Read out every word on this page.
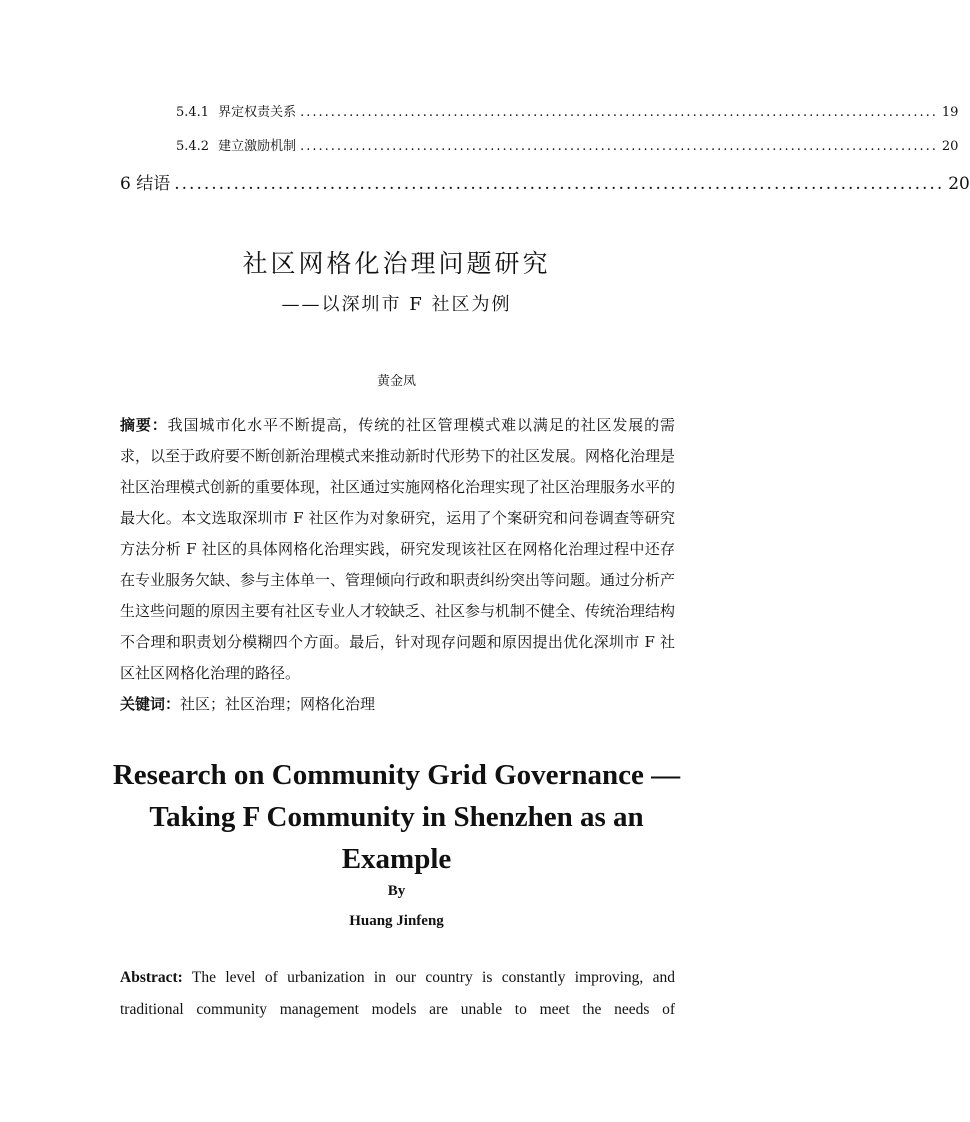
5.4.1 界定权责关系 ........................................................................................................ 19
5.4.2 建立激励机制 ........................................................................................................ 20
6 结语 ........................................................................................................ 20
社区网格化治理问题研究
——以深圳市 F 社区为例
黄金凤
摘要：我国城市化水平不断提高，传统的社区管理模式难以满足的社区发展的需求，以至于政府要不断创新治理模式来推动新时代形势下的社区发展。网格化治理是社区治理模式创新的重要体现，社区通过实施网格化治理实现了社区治理服务水平的最大化。本文选取深圳市 F 社区作为对象研究，运用了个案研究和问卷调查等研究方法分析 F 社区的具体网格化治理实践，研究发现该社区在网格化治理过程中还存在专业服务欠缺、参与主体单一、管理倾向行政和职责纠纷突出等问题。通过分析产生这些问题的原因主要有社区专业人才较缺乏、社区参与机制不健全、传统治理结构不合理和职责划分模糊四个方面。最后，针对现存问题和原因提出优化深圳市 F 社区社区网格化治理的路径。
关键词：社区；社区治理；网格化治理
Research on Community Grid Governance —Taking F Community in Shenzhen as an Example
By
Huang Jinfeng
Abstract: The level of urbanization in our country is constantly improving, and traditional community management models are unable to meet the needs of
